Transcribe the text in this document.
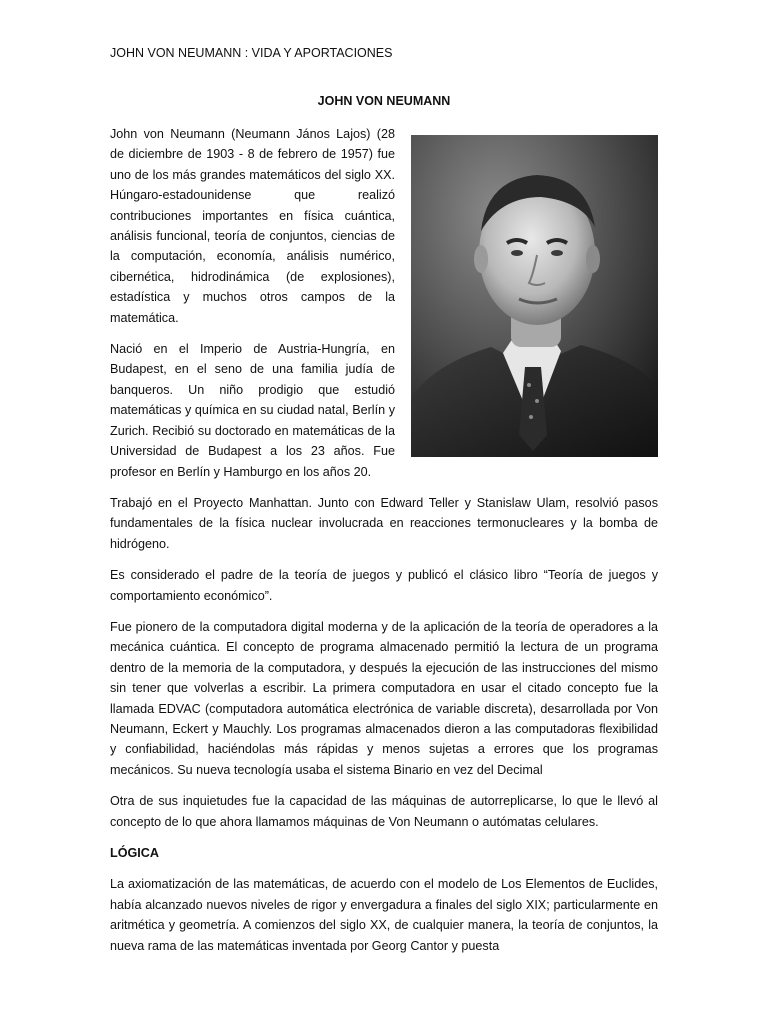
JOHN VON NEUMANN : VIDA Y APORTACIONES
JOHN VON NEUMANN

John von Neumann (Neumann János Lajos) (28 de diciembre de 1903 - 8 de febrero de 1957) fue uno de los más grandes matemáticos del siglo XX. Húngaro-estadounidense que realizó contribuciones importantes en física cuántica, análisis funcional, teoría de conjuntos, ciencias de la computación, economía, análisis numérico, cibernética, hidrodinámica (de explosiones), estadística y muchos otros campos de la matemática.

Nació en el Imperio de Austria-Hungría, en Budapest, en el seno de una familia judía de banqueros. Un niño prodigio que estudió matemáticas y química en su ciudad natal, Berlín y Zurich. Recibió su doctorado en matemáticas de la Universidad de Budapest a los 23 años. Fue profesor en Berlín y Hamburgo en los años 20.

Trabajó en el Proyecto Manhattan. Junto con Edward Teller y Stanislaw Ulam, resolvió pasos fundamentales de la física nuclear involucrada en reacciones termonucleares y la bomba de hidrógeno.

Es considerado el padre de la teoría de juegos y publicó el clásico libro “Teoría de juegos y comportamiento económico”.

Fue pionero de la computadora digital moderna y de la aplicación de la teoría de operadores a la mecánica cuántica. El concepto de programa almacenado permitió la lectura de un programa dentro de la memoria de la computadora, y después la ejecución de las instrucciones del mismo sin tener que volverlas a escribir. La primera computadora en usar el citado concepto fue la llamada EDVAC (computadora automática electrónica de variable discreta), desarrollada por Von Neumann, Eckert y Mauchly. Los programas almacenados dieron a las computadoras flexibilidad y confiabilidad, haciéndolas más rápidas y menos sujetas a errores que los programas mecánicos. Su nueva tecnología usaba el sistema Binario en vez del Decimal

Otra de sus inquietudes fue la capacidad de las máquinas de autorreplicarse, lo que le llevó al concepto de lo que ahora llamamos máquinas de Von Neumann o autómatas celulares.

LÓGICA

La axiomatización de las matemáticas, de acuerdo con el modelo de Los Elementos de Euclides, había alcanzado nuevos niveles de rigor y envergadura a finales del siglo XIX; particularmente en aritmética y geometría. A comienzos del siglo XX, de cualquier manera, la teoría de conjuntos, la nueva rama de las matemáticas inventada por Georg Cantor y puesta
